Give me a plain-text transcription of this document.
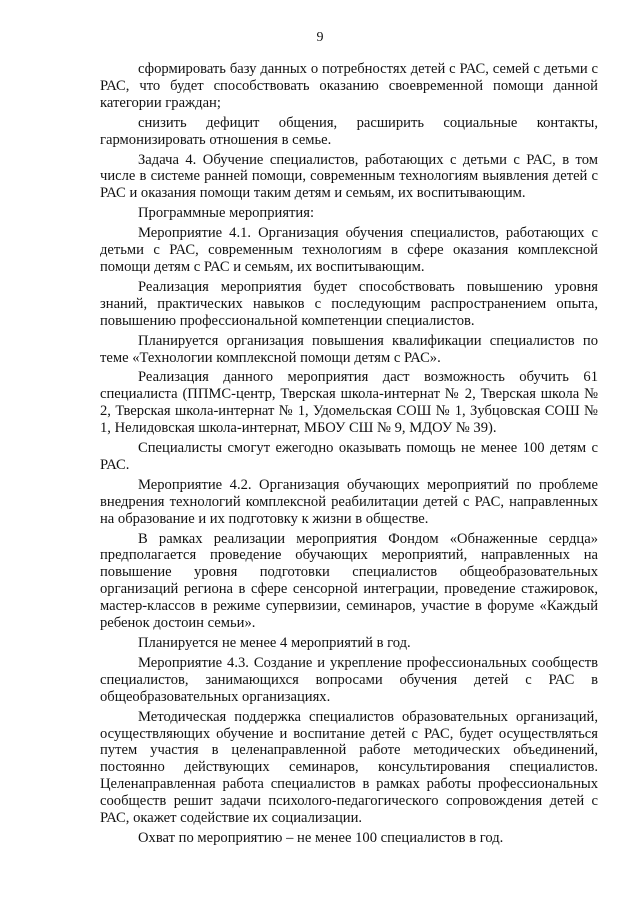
9

сформировать базу данных о потребностях детей с РАС, семей с детьми с РАС, что будет способствовать оказанию своевременной помощи данной категории граждан;

снизить дефицит общения, расширить социальные контакты, гармонизировать отношения в семье.

Задача 4. Обучение специалистов, работающих с детьми с РАС, в том числе в системе ранней помощи, современным технологиям выявления детей с РАС и оказания помощи таким детям и семьям, их воспитывающим.

Программные мероприятия:

Мероприятие 4.1. Организация обучения специалистов, работающих с детьми с РАС, современным технологиям в сфере оказания комплексной помощи детям с РАС и семьям, их воспитывающим.

Реализация мероприятия будет способствовать повышению уровня знаний, практических навыков с последующим распространением опыта, повышению профессиональной компетенции специалистов.

Планируется организация повышения квалификации специалистов по теме «Технологии комплексной помощи детям с РАС».

Реализация данного мероприятия даст возможность обучить 61 специалиста (ППМС-центр, Тверская школа-интернат № 2, Тверская школа № 2, Тверская школа-интернат № 1, Удомельская СОШ № 1, Зубцовская СОШ № 1, Нелидовская школа-интернат, МБОУ СШ № 9, МДОУ № 39).

Специалисты смогут ежегодно оказывать помощь не менее 100 детям с РАС.

Мероприятие 4.2. Организация обучающих мероприятий по проблеме внедрения технологий комплексной реабилитации детей с РАС, направленных на образование и их подготовку к жизни в обществе.

В рамках реализации мероприятия Фондом «Обнаженные сердца» предполагается проведение обучающих мероприятий, направленных на повышение уровня подготовки специалистов общеобразовательных организаций региона в сфере сенсорной интеграции, проведение стажировок, мастер-классов в режиме супервизии, семинаров, участие в форуме «Каждый ребенок достоин семьи».

Планируется не менее 4 мероприятий в год.

Мероприятие 4.3. Создание и укрепление профессиональных сообществ специалистов, занимающихся вопросами обучения детей с РАС в общеобразовательных организациях.

Методическая поддержка специалистов образовательных организаций, осуществляющих обучение и воспитание детей с РАС, будет осуществляться путем участия в целенаправленной работе методических объединений, постоянно действующих семинаров, консультирования специалистов. Целенаправленная работа специалистов в рамках работы профессиональных сообществ решит задачи психолого-педагогического сопровождения детей с РАС, окажет содействие их социализации.

Охват по мероприятию – не менее 100 специалистов в год.
